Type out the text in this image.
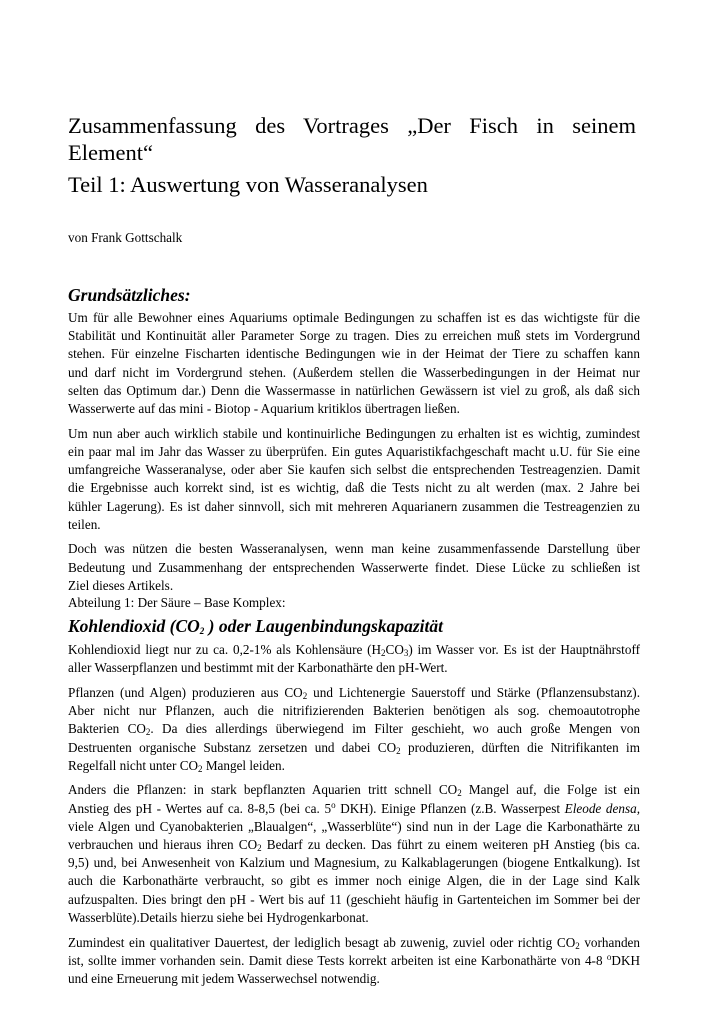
Zusammenfassung des Vortrages „Der Fisch in seinem
Element“
Teil 1: Auswertung von Wasseranalysen

von Frank Gottschalk

Grundsätzliches:

Um für alle Bewohner eines Aquariums optimale Bedingungen zu schaffen ist es das wichtigste für die
Stabilität und Kontinuität aller Parameter Sorge zu tragen. Dies zu erreichen muß stets im Vordergrund
stehen. Für einzelne Fischarten identische Bedingungen wie in der Heimat der Tiere zu schaffen kann
und darf nicht im Vordergrund stehen. (Außerdem stellen die Wasserbedingungen in der Heimat nur
selten das Optimum dar.) Denn die Wassermasse in natürlichen Gewässern ist viel zu groß, als daß sich
Wasserwerte auf das mini - Biotop - Aquarium kritiklos übertragen ließen.

Um nun aber auch wirklich stabile und kontinuirliche Bedingungen zu erhalten ist es wichtig, zumindest
ein paar mal im Jahr das Wasser zu überprüfen. Ein gutes Aquaristikfachgeschaft macht u.U. für Sie eine
umfangreiche Wasseranalyse, oder aber Sie kaufen sich selbst die entsprechenden Testreagenzien. Damit
die Ergebnisse auch korrekt sind, ist es wichtig, daß die Tests nicht zu alt werden (max. 2 Jahre bei
kühler Lagerung). Es ist daher sinnvoll, sich mit mehreren Aquarianern zusammen die Testreagenzien zu
teilen.

Doch was nützen die besten Wasseranalysen, wenn man keine zusammenfassende Darstellung über
Bedeutung und Zusammenhang der entsprechenden Wasserwerte findet. Diese Lücke zu schließen ist
Ziel dieses Artikels.

Abteilung 1: Der Säure – Base Komplex:

Kohlendioxid ($CO_2$ ) oder Laugenbindungskapazität

Kohlendioxid liegt nur zu ca. 0,2-1% als Kohlensäure $(H_2CO_3)$ im Wasser vor. Es ist der Hauptnährstoff
aller Wasserpflanzen und bestimmt mit der Karbonathärte den pH-Wert.

Pflanzen (und Algen) produzieren aus $CO_2$ und Lichtenergie Sauerstoff und Stärke (Pflanzensubstanz).
Aber nicht nur Pflanzen, auch die nitrifizierenden Bakterien benötigen als sog. chemoautotrophe
Bakterien $CO_2$. Da dies allerdings überwiegend im Filter geschieht, wo auch große Mengen von
Destruenten organische Substanz zersetzen und dabei $CO_2$ produzieren, dürften die Nitrifikanten im
Regelfall nicht unter $CO_2$ Mangel leiden.

Anders die Pflanzen: in stark bepflanzten Aquarien tritt schnell $CO_2$ Mangel auf, die Folge ist ein
Anstieg des pH - Wertes auf ca. 8-8,5 (bei ca. 5$^o$ DKH). Einige Pflanzen (z.B. Wasserpest Eleode densa,
viele Algen und Cyanobakterien „Blaualgen“, „Wasserblüte“) sind nun in der Lage die Karbonathärte zu
verbrauchen und hieraus ihren $CO_2$ Bedarf zu decken. Das führt zu einem weiteren pH Anstieg (bis ca.
9,5) und, bei Anwesenheit von Kalzium und Magnesium, zu Kalkablagerungen (biogene Entkalkung). Ist
auch die Karbonathärte verbraucht, so gibt es immer noch einige Algen, die in der Lage sind Kalk
aufzuspalten. Dies bringt den pH - Wert bis auf 11 (geschieht häufig in Gartenteichen im Sommer bei der
Wasserblüte).Details hierzu siehe bei Hydrogenkarbonat.

Zumindest ein qualitativer Dauertest, der lediglich besagt ab zuwenig, zuviel oder richtig $CO_2$ vorhanden
ist, sollte immer vorhanden sein. Damit diese Tests korrekt arbeiten ist eine Karbonathärte von 4-8 $^o$DKH
und eine Erneuerung mit jedem Wasserwechsel notwendig.
